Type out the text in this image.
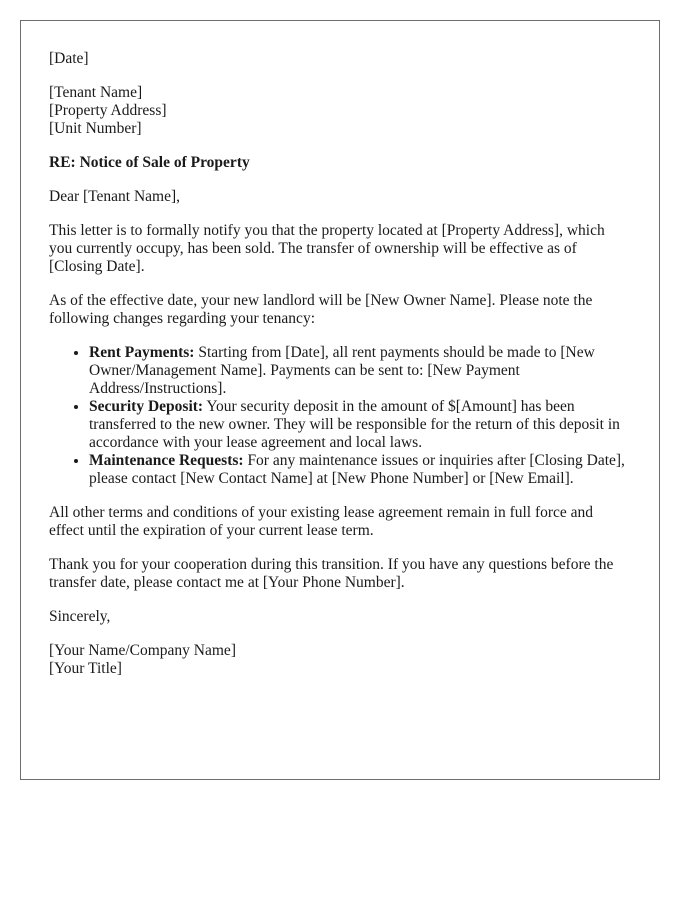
[Date]
[Tenant Name]
[Property Address]
[Unit Number]
RE: Notice of Sale of Property
Dear [Tenant Name],

This letter is to formally notify you that the property located at [Property Address], which you currently occupy, has been sold. The transfer of ownership will be effective as of [Closing Date].

As of the effective date, your new landlord will be [New Owner Name]. Please note the following changes regarding your tenancy:

• Rent Payments: Starting from [Date], all rent payments should be made to [New Owner/Management Name]. Payments can be sent to: [New Payment Address/Instructions].
• Security Deposit: Your security deposit in the amount of $[Amount] has been transferred to the new owner. They will be responsible for the return of this deposit in accordance with your lease agreement and local laws.
• Maintenance Requests: For any maintenance issues or inquiries after [Closing Date], please contact [New Contact Name] at [New Phone Number] or [New Email].

All other terms and conditions of your existing lease agreement remain in full force and effect until the expiration of your current lease term.

Thank you for your cooperation during this transition. If you have any questions before the transfer date, please contact me at [Your Phone Number].

Sincerely,
[Your Name/Company Name]
[Your Title]
